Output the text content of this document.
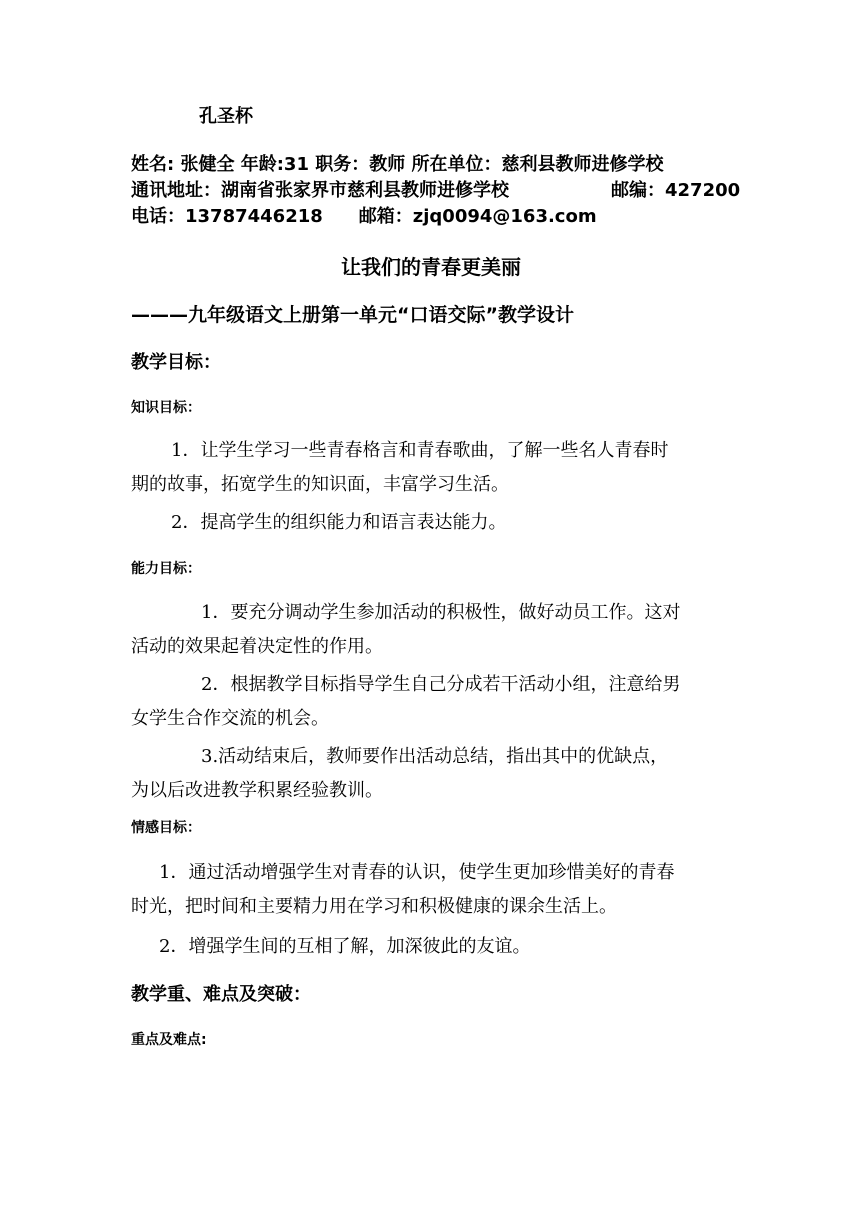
孔圣杯
姓名: 张健全 年龄:31 职务：教师 所在单位：慈利县教师进修学校
通讯地址：湖南省张家界市慈利县教师进修学校	邮编：427200
电话：13787446218　　邮箱：zjq0094@163.com
让我们的青春更美丽
———九年级语文上册第一单元“口语交际”教学设计
教学目标：
知识目标：
1．让学生学习一些青春格言和青春歌曲，了解一些名人青春时
期的故事，拓宽学生的知识面，丰富学习生活。
2．提高学生的组织能力和语言表达能力。
能力目标：
1．要充分调动学生参加活动的积极性，做好动员工作。这对
活动的效果起着决定性的作用。
2．根据教学目标指导学生自己分成若干活动小组，注意给男
女学生合作交流的机会。
3.活动结束后，教师要作出活动总结，指出其中的优缺点，
为以后改进教学积累经验教训。
情感目标：
1．通过活动增强学生对青春的认识，使学生更加珍惜美好的青春
时光，把时间和主要精力用在学习和积极健康的课余生活上。
2．增强学生间的互相了解，加深彼此的友谊。
教学重、难点及突破：
重点及难点:
